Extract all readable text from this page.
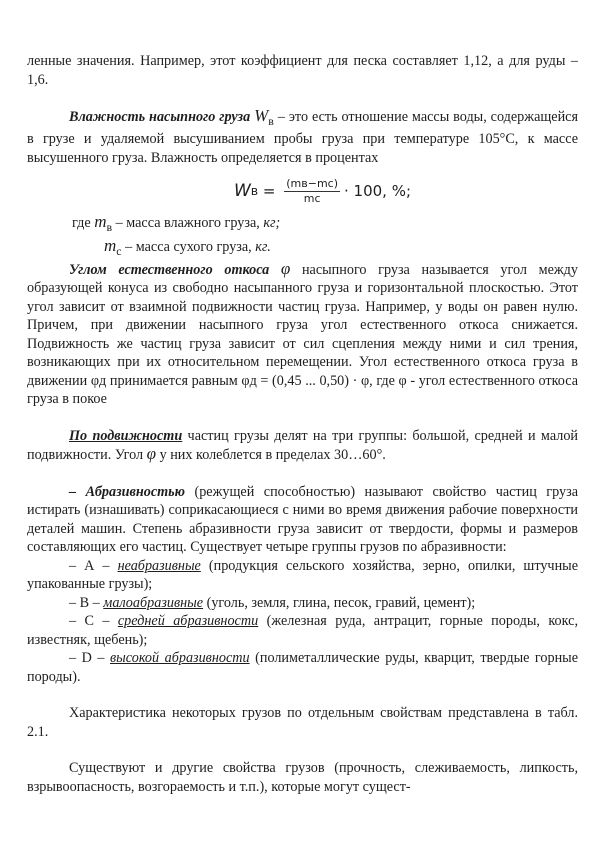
ленные значения. Например, этот коэффициент для песка составляет 1,12, а для руды – 1,6.

Влажность насыпного груза $W_в$ – это есть отношение массы воды, содержащейся в грузе и удаляемой высушиванием пробы груза при температуре 105°С, к массе высушенного груза. Влажность определяется в процентах

W $в = \frac{(mв-mс)}{mс} \cdot 100$, %;

где $m_в$ – масса влажного груза, кг;

$m_с$ – масса сухого груза, кг.

Углом естественного откоса φ насыпного груза называется угол между образующей конуса из свободно насыпанного груза и горизонтальной плоскостью. Этот угол зависит от взаимной подвижности частиц груза. Например, у воды он равен нулю. Причем, при движении насыпного груза угол естественного откоса снижается. Подвижность же частиц груза зависит от сил сцепления между ними и сил трения, возникающих при их относительном перемещении. Угол естественного откоса груза в движении φд принимается равным φд = (0,45 ... 0,50) · φ, где φ - угол естественного откоса груза в покое

По подвижности частиц грузы делят на три группы: большой, средней и малой подвижности. Угол φ у них колеблется в пределах 30…60°.

– Абразивностью (режущей способностью) называют свойство частиц груза истирать (изнашивать) соприкасающиеся с ними во время движения рабочие поверхности деталей машин. Степень абразивности груза зависит от твердости, формы и размеров составляющих его частиц. Существует четыре группы грузов по абразивности:

– А – неабразивные (продукция сельского хозяйства, зерно, опилки, штучные упакованные грузы);

– В – малоабразивные (уголь, земля, глина, песок, гравий, цемент);

– С – средней абразивности (железная руда, антрацит, горные породы, кокс, известняк, щебень);

– D – высокой абразивности (полиметаллические руды, кварцит, твердые горные породы).

Характеристика некоторых грузов по отдельным свойствам представлена в табл. 2.1.

Существуют и другие свойства грузов (прочность, слеживаемость, липкость, взрывоопасность, возгораемость и т.п.), которые могут сущест-
